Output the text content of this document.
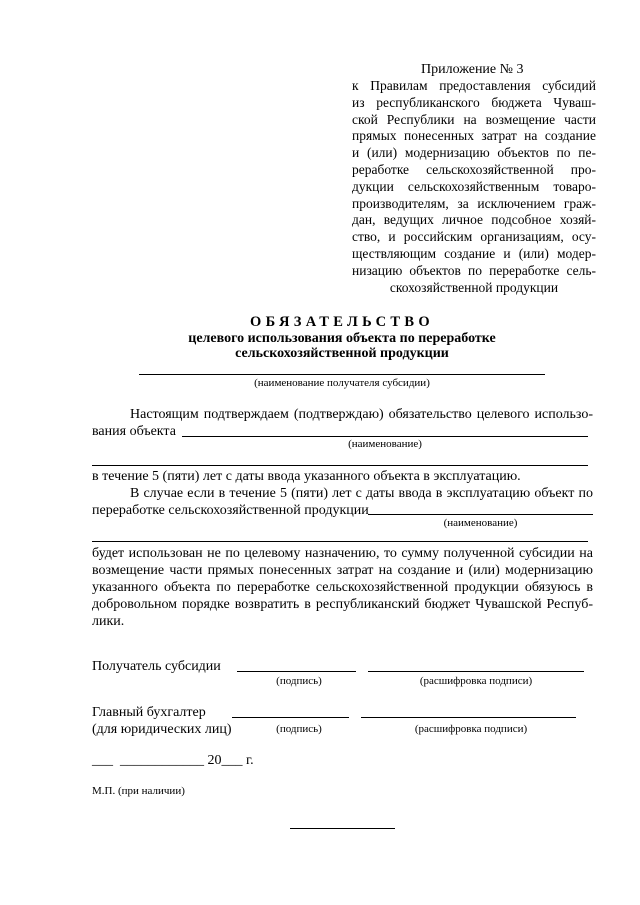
Приложение № 3
к Правилам предоставления субсидий
из республиканского бюджета Чуваш-
ской Республики на возмещение части
прямых понесенных затрат на создание
и (или) модернизацию объектов по пе-
реработке сельскохозяйственной про-
дукции сельскохозяйственным товаро-
производителям, за исключением граж-
дан, ведущих личное подсобное хозяй-
ство, и российским организациям, осу-
ществляющим создание и (или) модер-
низацию объектов по переработке сель-
скохозяйственной продукции
ОБЯЗАТЕЛЬСТВО
целевого использования объекта по переработке
сельскохозяйственной продукции
(наименование получателя субсидии)
Настоящим подтверждаем (подтверждаю) обязательство целевого использо-
вания объекта
(наименование)
в течение 5 (пяти) лет с даты ввода указанного объекта в эксплуатацию.
В случае если в течение 5 (пяти) лет с даты ввода в эксплуатацию объект по
переработке сельскохозяйственной продукции
(наименование)
будет использован не по целевому назначению, то сумму полученной субсидии на
возмещение части прямых понесенных затрат на создание и (или) модернизацию
указанного объекта по переработке сельскохозяйственной продукции обязуюсь в
добровольном порядке возвратить в республиканский бюджет Чувашской Респуб-
лики.
Получатель субсидии
(подпись)	(расшифровка подписи)
Главный бухгалтер
(для юридических лиц)	(подпись)	(расшифровка подписи)
___  ____________ 20___ г.
М.П. (при наличии)
